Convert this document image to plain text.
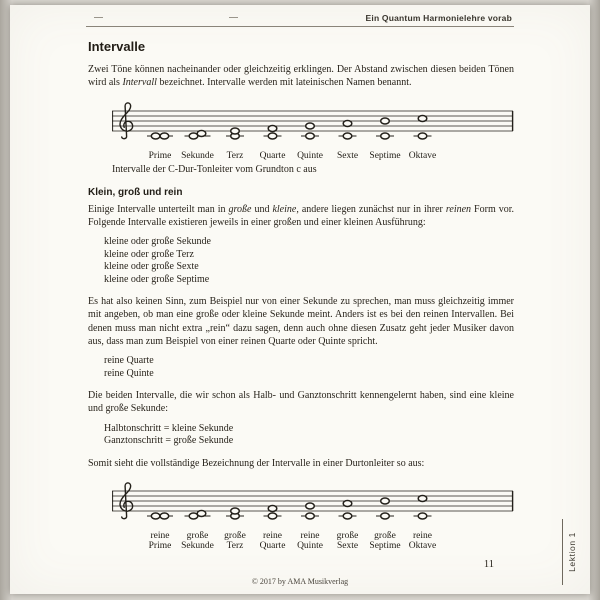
Ein Quantum Harmonielehre vorab
Intervalle

Zwei Töne können nacheinander oder gleichzeitig erklingen. Der Abstand zwischen diesen beiden Tönen wird als Intervall bezeichnet. Intervalle werden mit lateinischen Namen benannt.

Prime Sekunde Terz Quarte Quinte Sexte Septime Oktave

Intervalle der C-Dur-Tonleiter vom Grundton c aus

Klein, groß und rein

Einige Intervalle unterteilt man in große und kleine, andere liegen zunächst nur in ihrer reinen Form vor. Folgende Intervalle existieren jeweils in einer großen und einer kleinen Ausführung:

kleine oder große Sekunde
kleine oder große Terz
kleine oder große Sexte
kleine oder große Septime

Es hat also keinen Sinn, zum Beispiel nur von einer Sekunde zu sprechen, man muss gleichzeitig immer mit angeben, ob man eine große oder kleine Sekunde meint. Anders ist es bei den reinen Intervallen. Bei denen muss man nicht extra „rein“ dazu sagen, denn auch ohne diesen Zusatz geht jeder Musiker davon aus, dass man zum Beispiel von einer reinen Quarte oder Quinte spricht.

reine Quarte
reine Quinte

Die beiden Intervalle, die wir schon als Halb- und Ganztonschritt kennengelernt haben, sind eine kleine und große Sekunde:

Halbtonschritt = kleine Sekunde
Ganztonschritt = große Sekunde

Somit sieht die vollständige Bezeichnung der Intervalle in einer Durtonleiter so aus:

reine
Prime
große
Sekunde
große
Terz
reine
Quarte
reine
Quinte
große
Sexte
große
Septime
reine
Oktave	Lektion 1
11
© 2017 by AMA Musikverlag
